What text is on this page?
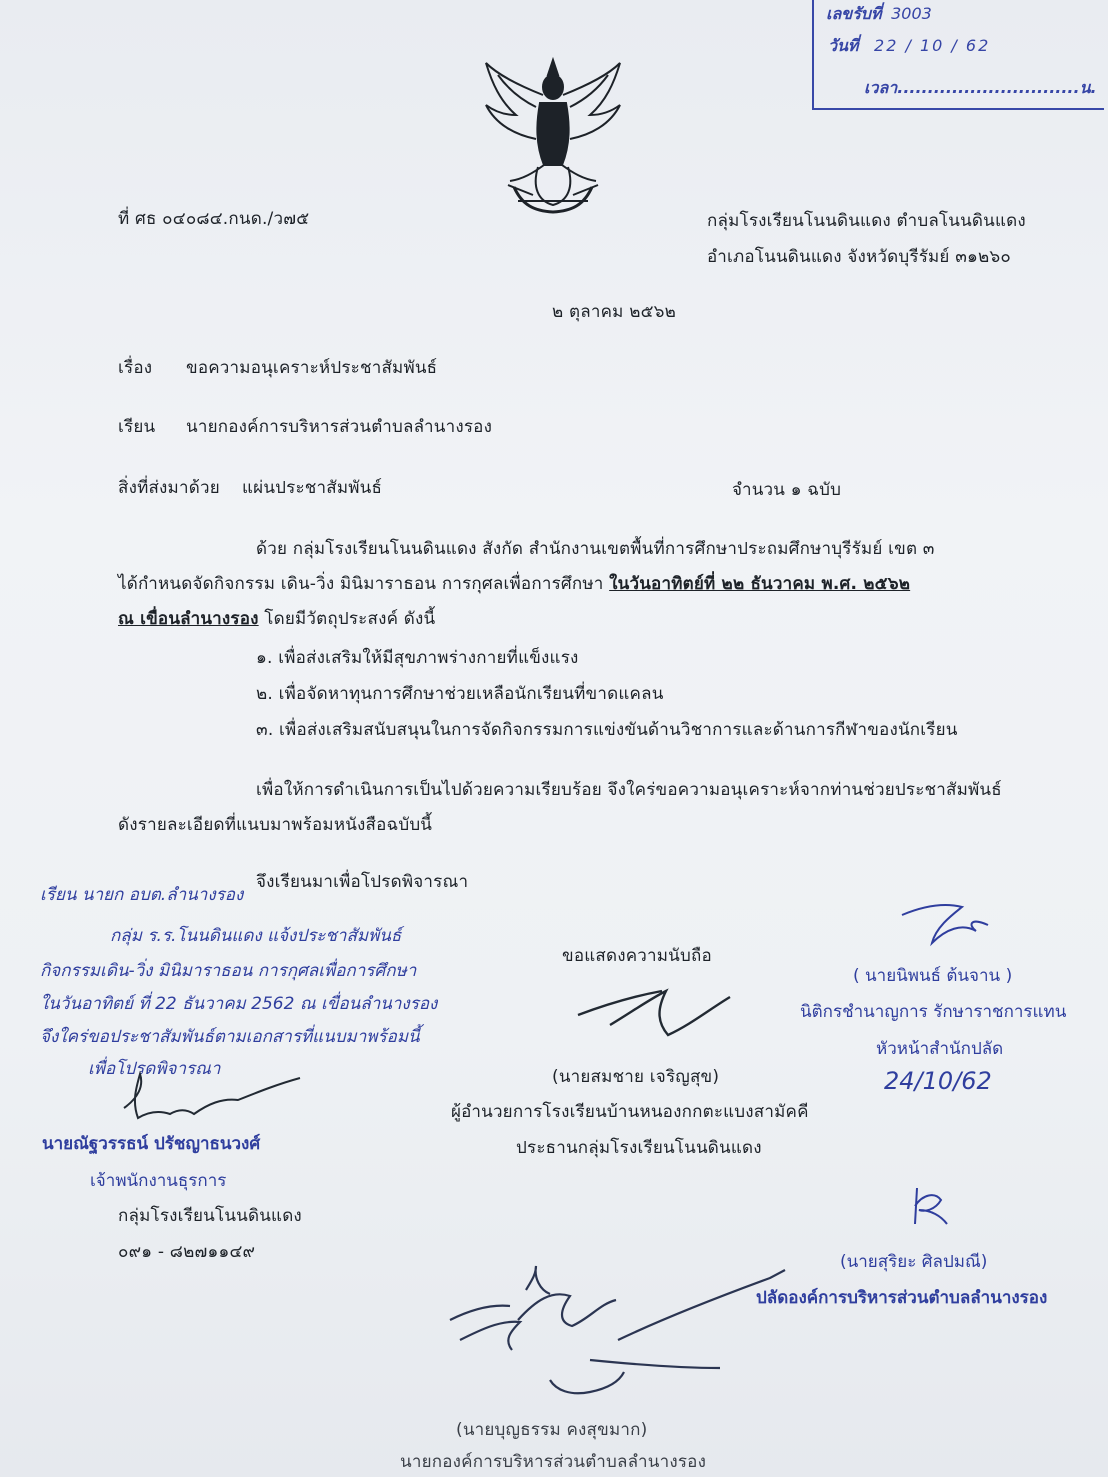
เลขรับที่ 3003
วันที่ 22 / 10 / 62
เวลา..............................น.
ที่ ศธ ๐๔๐๘๔.กนด./ว๗๕	กลุ่มโรงเรียนโนนดินแดง ตำบลโนนดินแดง
อำเภอโนนดินแดง จังหวัดบุรีรัมย์ ๓๑๒๖๐
๒ ตุลาคม ๒๕๖๒
เรื่อง ขอความอนุเคราะห์ประชาสัมพันธ์
เรียน นายกองค์การบริหารส่วนตำบลลำนางรอง
สิ่งที่ส่งมาด้วย แผ่นประชาสัมพันธ์	จำนวน ๑ ฉบับ
ด้วย กลุ่มโรงเรียนโนนดินแดง สังกัด สำนักงานเขตพื้นที่การศึกษาประถมศึกษาบุรีรัมย์ เขต ๓
ได้กำหนดจัดกิจกรรม เดิน-วิ่ง มินิมาราธอน การกุศลเพื่อการศึกษา ในวันอาทิตย์ที่ ๒๒ ธันวาคม พ.ศ. ๒๕๖๒
ณ เขื่อนลำนางรอง โดยมีวัตถุประสงค์ ดังนี้
๑. เพื่อส่งเสริมให้มีสุขภาพร่างกายที่แข็งแรง
๒. เพื่อจัดหาทุนการศึกษาช่วยเหลือนักเรียนที่ขาดแคลน
๓. เพื่อส่งเสริมสนับสนุนในการจัดกิจกรรมการแข่งขันด้านวิชาการและด้านการกีฬาของนักเรียน
เพื่อให้การดำเนินการเป็นไปด้วยความเรียบร้อย จึงใคร่ขอความอนุเคราะห์จากท่านช่วยประชาสัมพันธ์
ดังรายละเอียดที่แนบมาพร้อมหนังสือฉบับนี้
จึงเรียนมาเพื่อโปรดพิจารณา
เรียน นายก อบต.ลำนางรอง
กลุ่ม ร.ร.โนนดินแดง แจ้งประชาสัมพันธ์
กิจกรรมเดิน-วิ่ง มินิมาราธอน การกุศลเพื่อการศึกษา
ในวันอาทิตย์ ที่ 22 ธันวาคม 2562 ณ เขื่อนลำนางรอง
จึงใคร่ขอประชาสัมพันธ์ตามเอกสารที่แนบมาพร้อมนี้
เพื่อโปรดพิจารณา
ขอแสดงความนับถือ
(นายสมชาย เจริญสุข)
ผู้อำนวยการโรงเรียนบ้านหนองกกตะแบงสามัคคี
ประธานกลุ่มโรงเรียนโนนดินแดง
( นายนิพนธ์ ต้นจาน )
นิติกรชำนาญการ รักษาราชการแทน
หัวหน้าสำนักปลัด
24/10/62
นายณัฐวรรธน์ ปรัชญาธนวงศ์
เจ้าพนักงานธุรการ
กลุ่มโรงเรียนโนนดินแดง
๐๙๑ - ๘๒๗๑๑๔๙	(นายสุริยะ ศิลปมณี)
ปลัดองค์การบริหารส่วนตำบลลำนางรอง
(นายบุญธรรม คงสุขมาก)
นายกองค์การบริหารส่วนตำบลลำนางรอง
